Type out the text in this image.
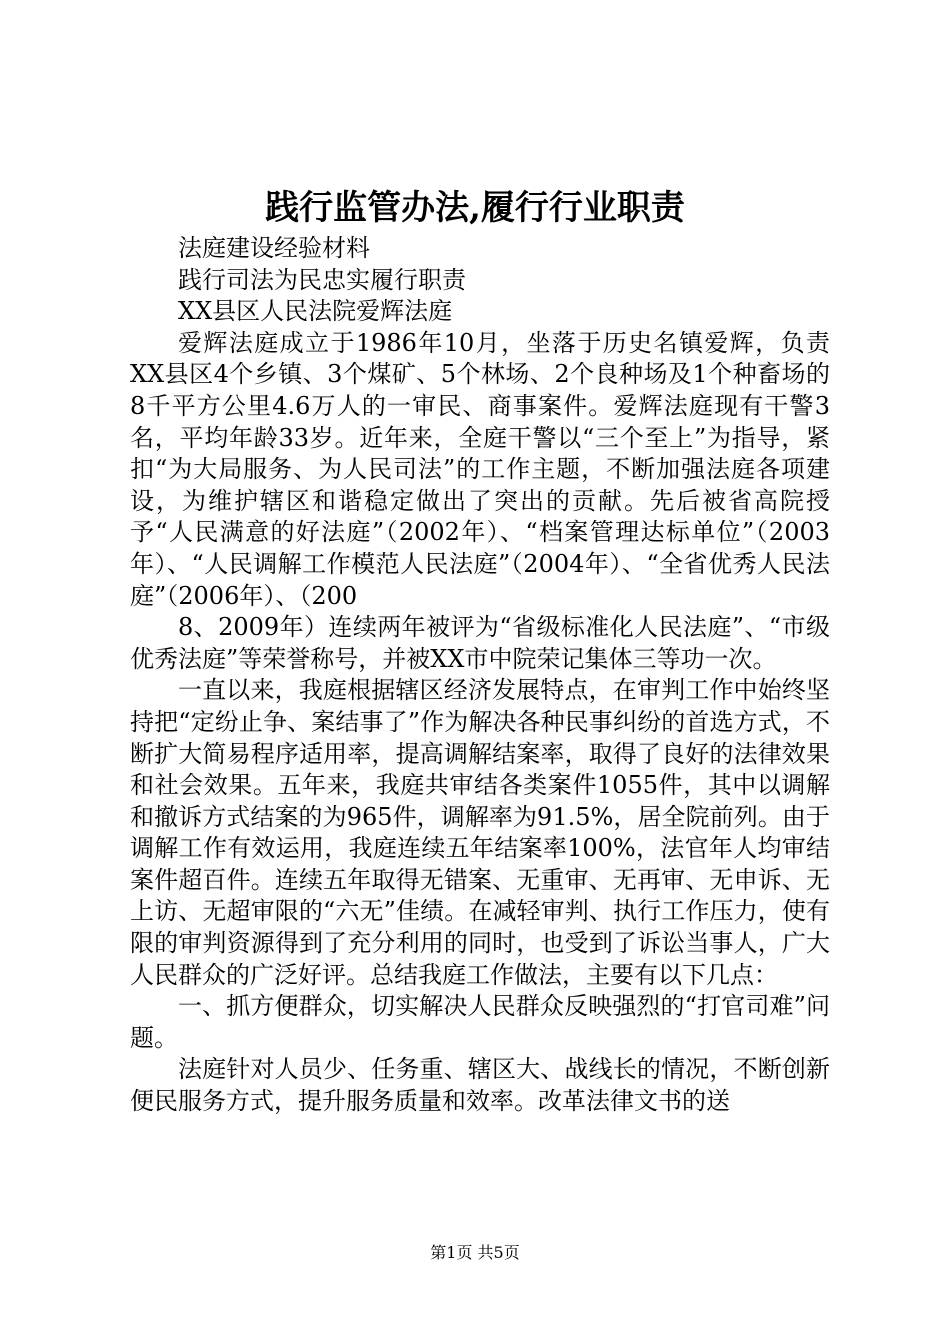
践行监管办法,履行行业职责

法庭建设经验材料

践行司法为民忠实履行职责

XX县区人民法院爱辉法庭

爱辉法庭成立于1986年10月，坐落于历史名镇爱辉，负责XX县区4个乡镇、3个煤矿、5个林场、2个良种场及1个种畜场的8千平方公里4.6万人的一审民、商事案件。爱辉法庭现有干警3名，平均年龄33岁。近年来，全庭干警以“三个至上”为指导，紧扣“为大局服务、为人民司法”的工作主题，不断加强法庭各项建设，为维护辖区和谐稳定做出了突出的贡献。先后被省高院授予“人民满意的好法庭”（2002年）、“档案管理达标单位”（2003年）、“人民调解工作模范人民法庭”（2004年）、“全省优秀人民法庭”（2006年）、（200

8、2009年）连续两年被评为“省级标准化人民法庭”、“市级优秀法庭”等荣誉称号，并被XX市中院荣记集体三等功一次。

一直以来，我庭根据辖区经济发展特点，在审判工作中始终坚持把“定纷止争、案结事了”作为解决各种民事纠纷的首选方式，不断扩大简易程序适用率，提高调解结案率，取得了良好的法律效果和社会效果。五年来，我庭共审结各类案件1055件，其中以调解和撤诉方式结案的为965件，调解率为91.5%，居全院前列。由于调解工作有效运用，我庭连续五年结案率100%，法官年人均审结案件超百件。连续五年取得无错案、无重审、无再审、无申诉、无上访、无超审限的“六无”佳绩。在减轻审判、执行工作压力，使有限的审判资源得到了充分利用的同时，也受到了诉讼当事人，广大人民群众的广泛好评。总结我庭工作做法，主要有以下几点：

一、抓方便群众，切实解决人民群众反映强烈的“打官司难”问题。

法庭针对人员少、任务重、辖区大、战线长的情况，不断创新便民服务方式，提升服务质量和效率。改革法律文书的送

第1页 共5页
